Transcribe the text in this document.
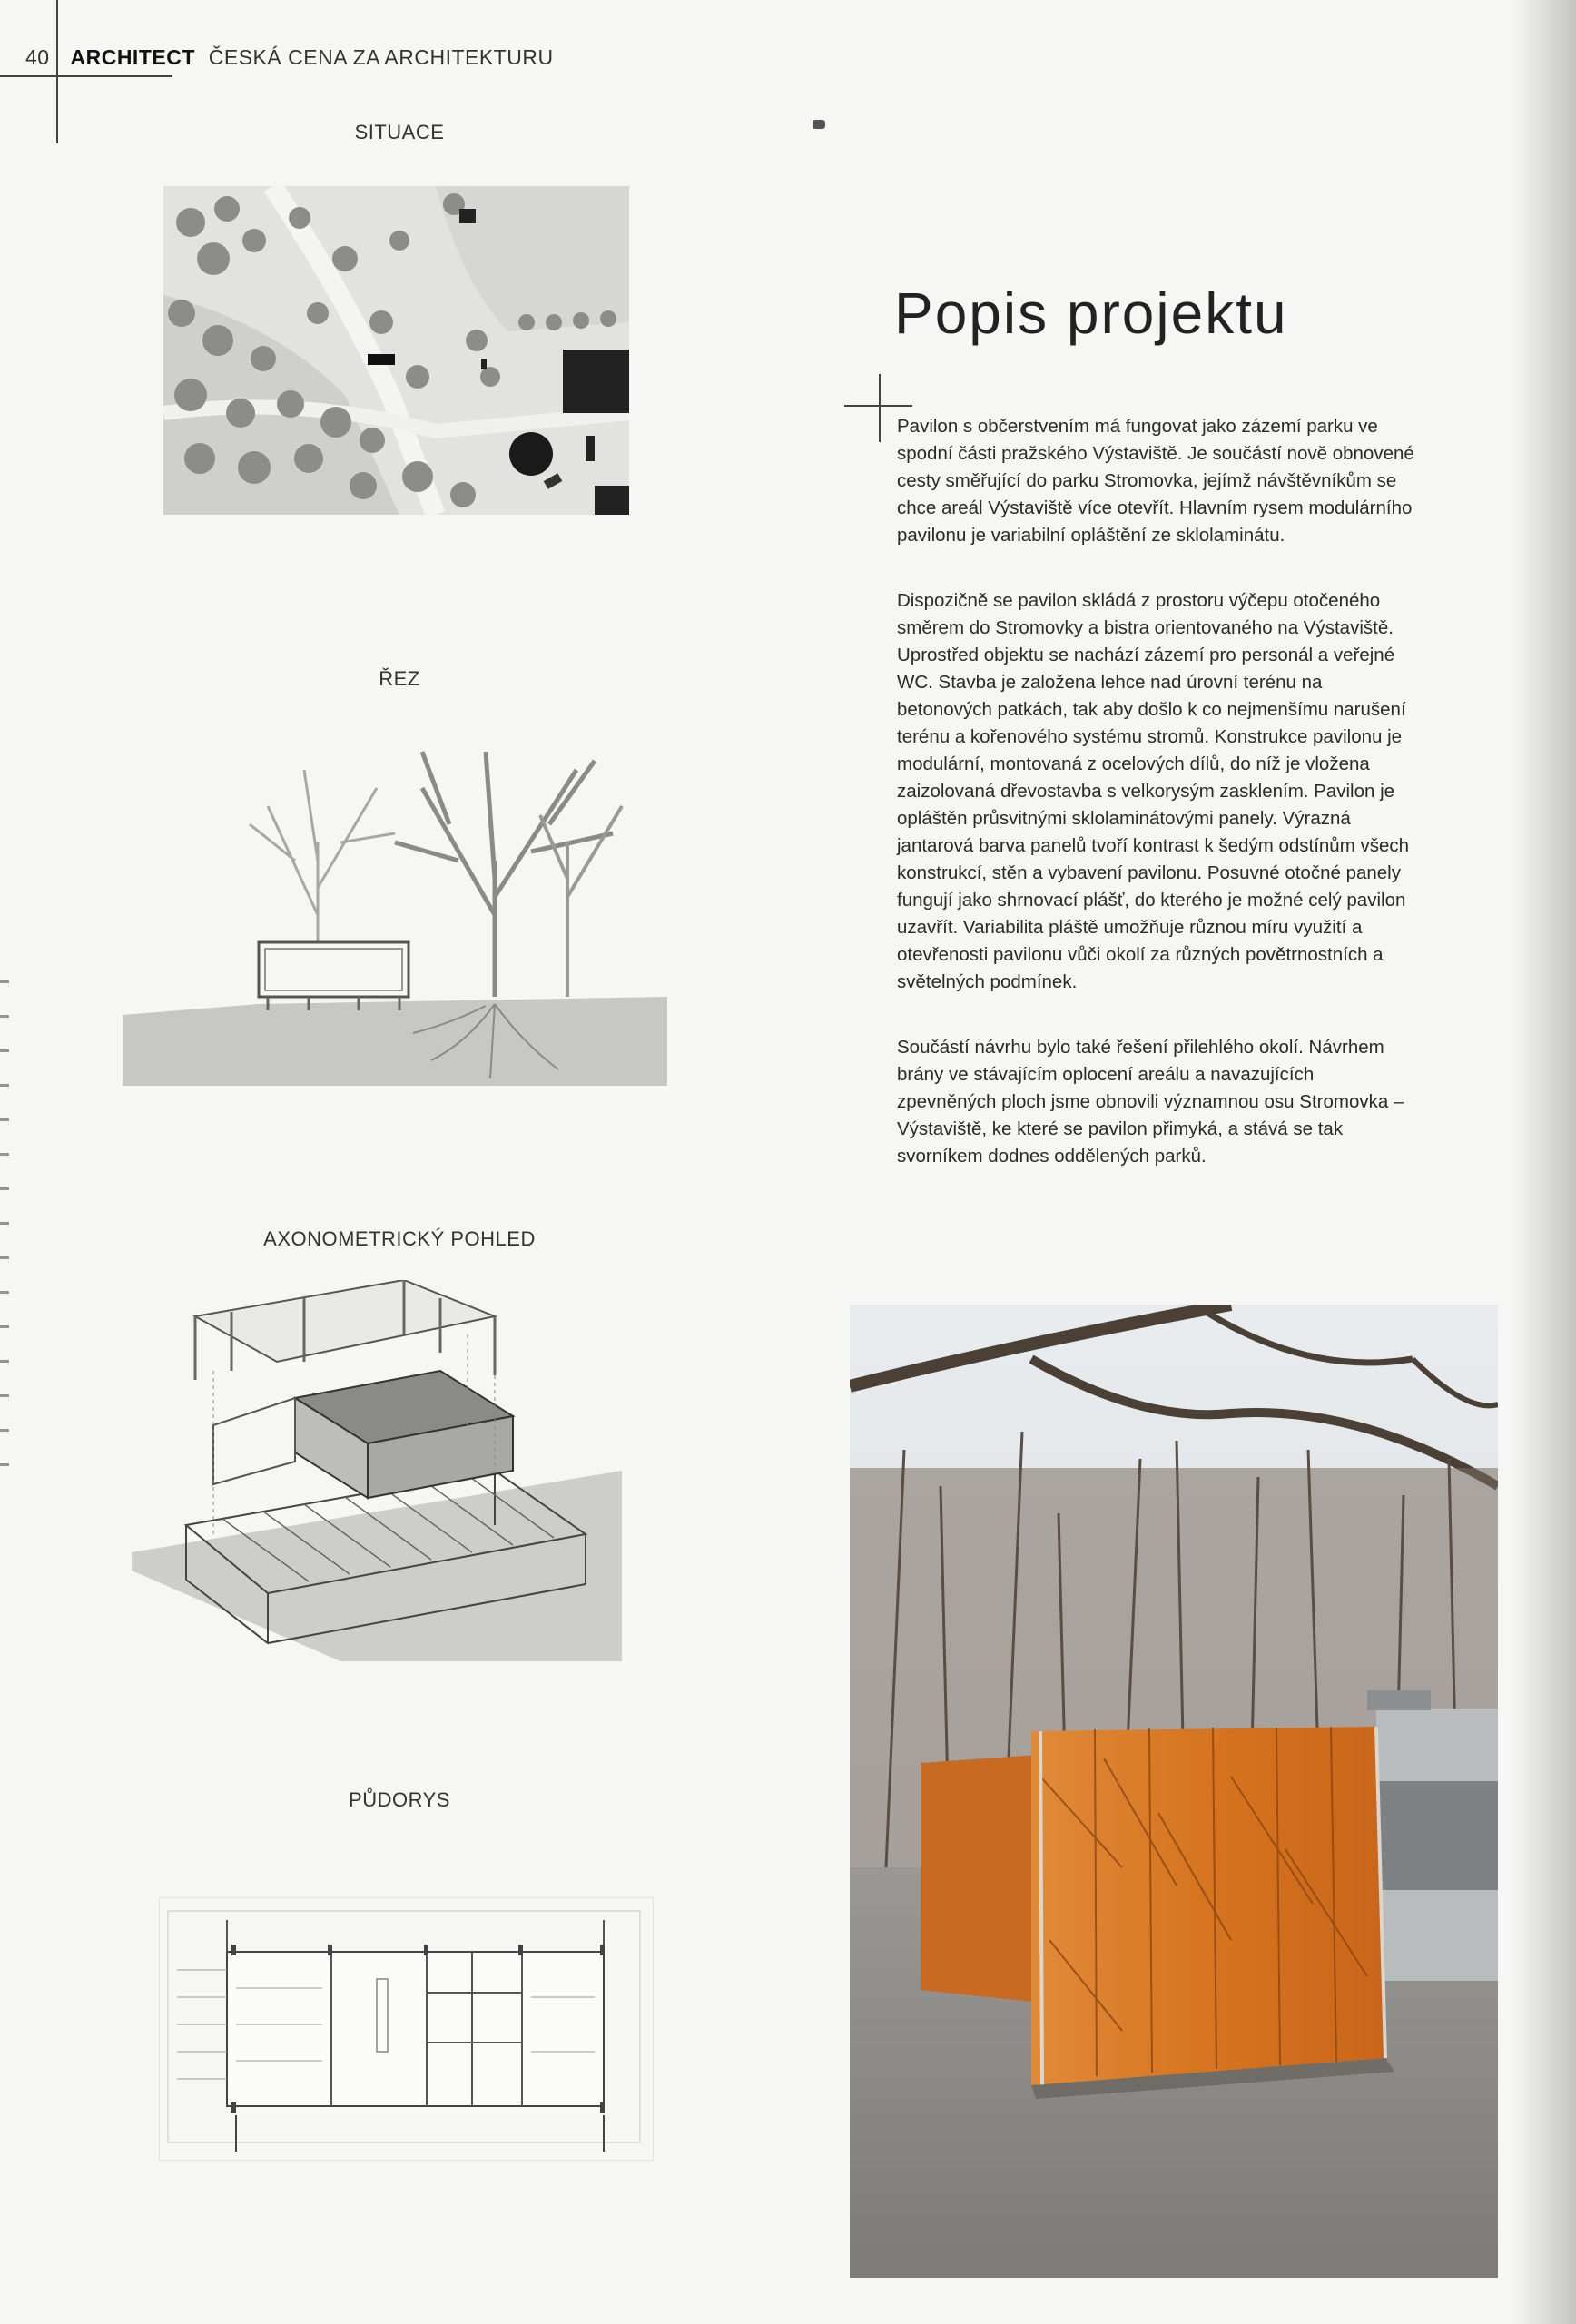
40 ARCHITECT ČESKÁ CENA ZA ARCHITEKTURU
SITUACE
ŘEZ
AXONOMETRICKÝ POHLED
PŮDORYS
Popis projektu

Pavilon s občerstvením má fungovat jako zázemí parku ve spodní části pražského Výstaviště. Je součástí nově obnovené cesty směřující do parku Stromovka, jejímž návštěvníkům se chce areál Výstaviště více otevřít. Hlavním rysem modulárního pavilonu je variabilní opláštění ze sklolaminátu.

Dispozičně se pavilon skládá z prostoru výčepu otočeného směrem do Stromovky a bistra orientovaného na Výstaviště. Uprostřed objektu se nachází zázemí pro personál a veřejné WC. Stavba je založena lehce nad úrovní terénu na betonových patkách, tak aby došlo k co nejmenšímu narušení terénu a kořenového systému stromů. Konstrukce pavilonu je modulární, montovaná z ocelových dílů, do níž je vložena zaizolovaná dřevostavba s velkorysým zasklením. Pavilon je opláštěn průsvitnými sklolaminátovými panely. Výrazná jantarová barva panelů tvoří kontrast k šedým odstínům všech konstrukcí, stěn a vybavení pavilonu. Posuvné otočné panely fungují jako shrnovací plášť, do kterého je možné celý pavilon uzavřít. Variabilita pláště umožňuje různou míru využití a otevřenosti pavilonu vůči okolí za různých povětrnostních a světelných podmínek.

Součástí návrhu bylo také řešení přilehlého okolí. Návrhem brány ve stávajícím oplocení areálu a navazujících zpevněných ploch jsme obnovili významnou osu Stromovka – Výstaviště, ke které se pavilon přimyká, a stává se tak svorníkem dodnes oddělených parků.
